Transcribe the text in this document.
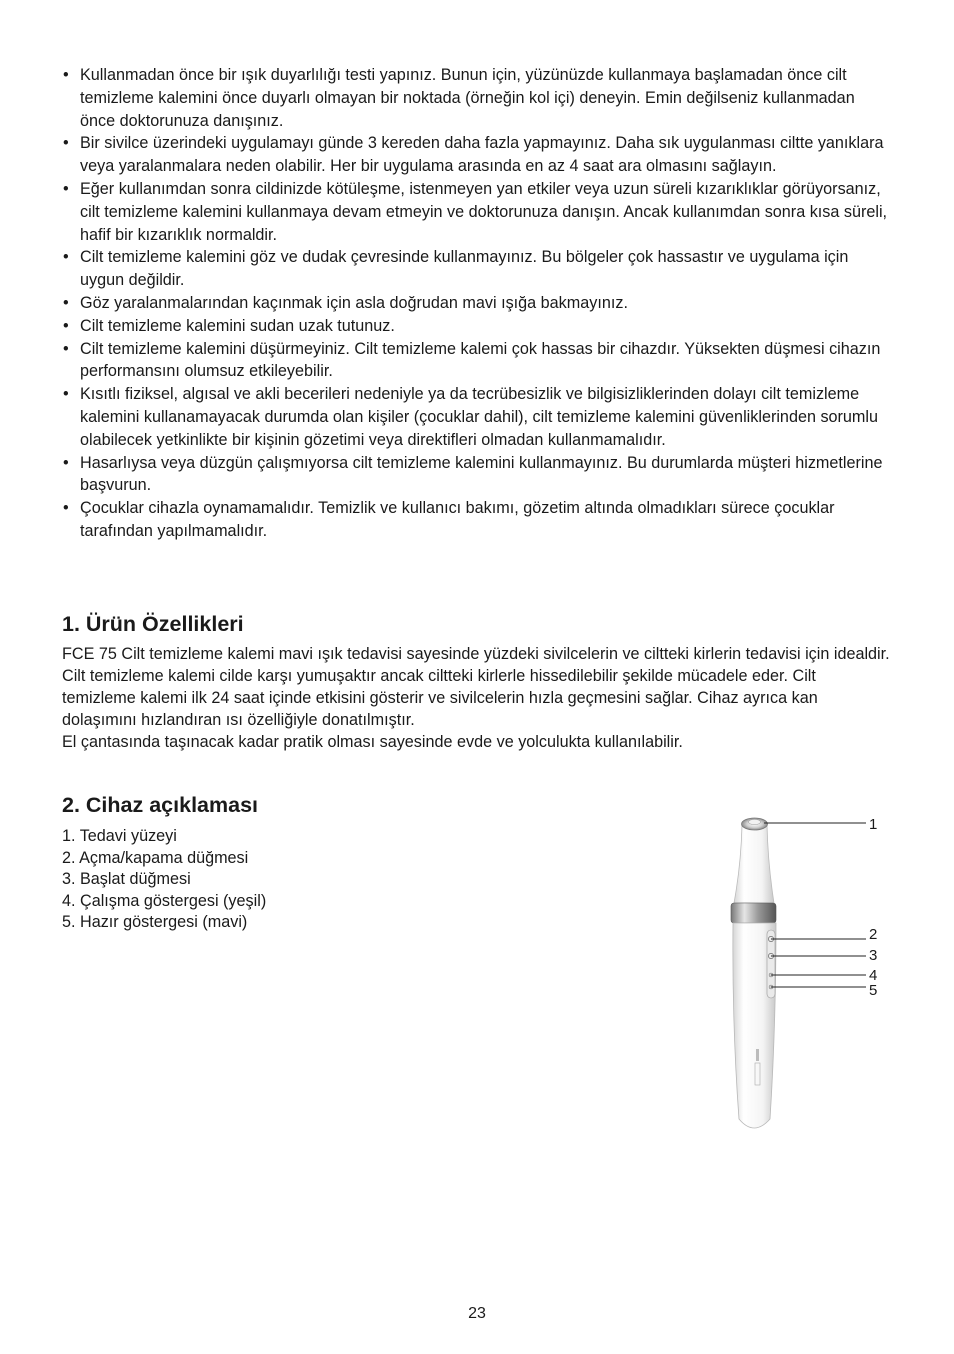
• Kullanmadan önce bir ışık duyarlılığı testi yapınız. Bunun için, yüzünüzde kullanmaya başlamadan önce cilt temizleme kalemini önce duyarlı olmayan bir noktada (örneğin kol içi) deneyin. Emin değilseniz kullanmadan önce doktorunuza danışınız.
• Bir sivilce üzerindeki uygulamayı günde 3 kereden daha fazla yapmayınız. Daha sık uygulanması ciltte yanıklara veya yaralanmalara neden olabilir. Her bir uygulama arasında en az 4 saat ara olmasını sağlayın.
• Eğer kullanımdan sonra cildinizde kötüleşme, istenmeyen yan etkiler veya uzun süreli kızarıklıklar görüyorsanız, cilt temizleme kalemini kullanmaya devam etmeyin ve doktorunuza danışın. Ancak kullanımdan sonra kısa süreli, hafif bir kızarıklık normaldir.
• Cilt temizleme kalemini göz ve dudak çevresinde kullanmayınız. Bu bölgeler çok hassastır ve uygulama için uygun değildir.
• Göz yaralanmalarından kaçınmak için asla doğrudan mavi ışığa bakmayınız.
• Cilt temizleme kalemini sudan uzak tutunuz.
• Cilt temizleme kalemini düşürmeyiniz. Cilt temizleme kalemi çok hassas bir cihazdır. Yüksekten düşmesi cihazın performansını olumsuz etkileyebilir.
• Kısıtlı fiziksel, algısal ve akli becerileri nedeniyle ya da tecrübesizlik ve bilgisizliklerinden dolayı cilt temizleme kalemini kullanamayacak durumda olan kişiler (çocuklar dahil), cilt temizleme kalemini güvenliklerinden sorumlu olabilecek yetkinlikte bir kişinin gözetimi veya direktifleri olmadan kullanmamalıdır.
• Hasarlıysa veya düzgün çalışmıyorsa cilt temizleme kalemini kullanmayınız. Bu durumlarda müşteri hizmetlerine başvurun.
• Çocuklar cihazla oynamamalıdır. Temizlik ve kullanıcı bakımı, gözetim altında olmadıkları sürece çocuklar tarafından yapılmamalıdır.
1. Ürün Özellikleri

FCE 75 Cilt temizleme kalemi mavi ışık tedavisi sayesinde yüzdeki sivilcelerin ve ciltteki kirlerin tedavisi için idealdir.

Cilt temizleme kalemi cilde karşı yumuşaktır ancak ciltteki kirlerle hissedilebilir şekilde mücadele eder. Cilt temizleme kalemi ilk 24 saat içinde etkisini gösterir ve sivilcelerin hızla geçmesini sağlar. Cihaz ayrıca kan dolaşımını hızlandıran ısı özelliğiyle donatılmıştır.

El çantasında taşınacak kadar pratik olması sayesinde evde ve yolculukta kullanılabilir.

2. Cihaz açıklaması
1. Tedavi yüzeyi
2. Açma/kapama düğmesi
3. Başlat düğmesi
4. Çalışma göstergesi (yeşil)
5. Hazır göstergesi (mavi)
1
2
3
4
5
23
